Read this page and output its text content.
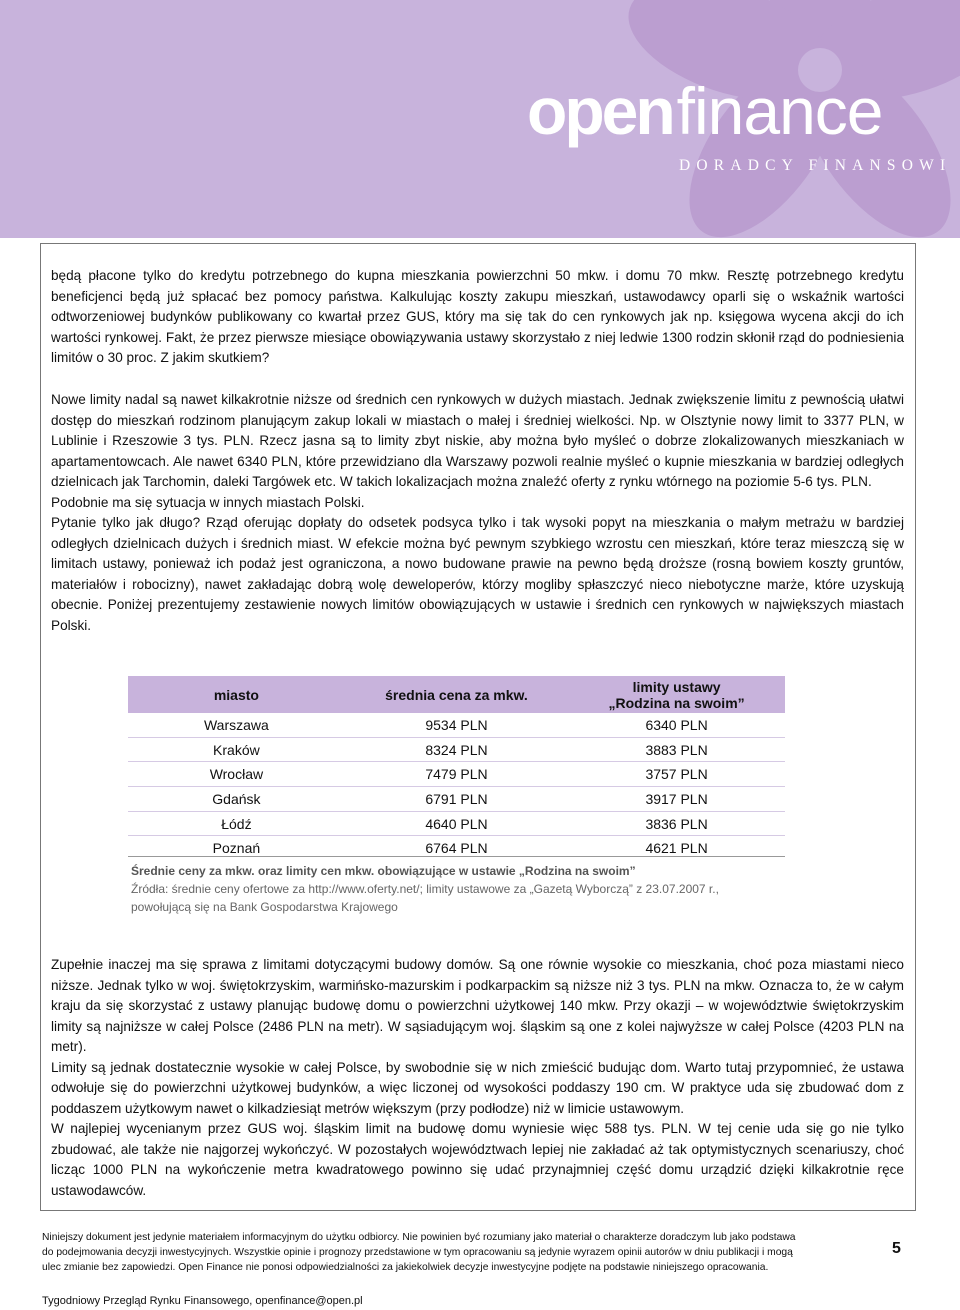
openfinance
DORADCY FINANSOWI
będą płacone tylko do kredytu potrzebnego do kupna mieszkania powierzchni 50 mkw. i domu 70 mkw. Resztę potrzebnego kredytu beneficjenci będą już spłacać bez pomocy państwa. Kalkulując koszty zakupu mieszkań, ustawodawcy oparli się o wskaźnik wartości odtworzeniowej budynków publikowany co kwartał przez GUS, który ma się tak do cen rynkowych jak np. księgowa wycena akcji do ich wartości rynkowej. Fakt, że przez pierwsze miesiące obowiązywania ustawy skorzystało z niej ledwie 1300 rodzin skłonił rząd do podniesienia limitów o 30 proc. Z jakim skutkiem?
Nowe limity nadal są nawet kilkakrotnie niższe od średnich cen rynkowych w dużych miastach. Jednak zwiększenie limitu z pewnością ułatwi dostęp do mieszkań rodzinom planującym zakup lokali w miastach o małej i średniej wielkości. Np. w Olsztynie nowy limit to 3377 PLN, w Lublinie i Rzeszowie 3 tys. PLN. Rzecz jasna są to limity zbyt niskie, aby można było myśleć o dobrze zlokalizowanych mieszkaniach w apartamentowcach. Ale nawet 6340 PLN, które przewidziano dla Warszawy pozwoli realnie myśleć o kupnie mieszkania w bardziej odległych dzielnicach jak Tarchomin, daleki Targówek etc. W takich lokalizacjach można znaleźć oferty z rynku wtórnego na poziomie 5-6 tys. PLN.
Podobnie ma się sytuacja w innych miastach Polski.
Pytanie tylko jak długo? Rząd oferując dopłaty do odsetek podsyca tylko i tak wysoki popyt na mieszkania o małym metrażu w bardziej odległych dzielnicach dużych i średnich miast. W efekcie można być pewnym szybkiego wzrostu cen mieszkań, które teraz mieszczą się w limitach ustawy, ponieważ ich podaż jest ograniczona, a nowo budowane prawie na pewno będą droższe (rosną bowiem koszty gruntów, materiałów i robocizny), nawet zakładając dobrą wolę deweloperów, którzy mogliby spłaszczyć nieco niebotyczne marże, które uzyskują obecnie. Poniżej prezentujemy zestawienie nowych limitów obowiązujących w ustawie i średnich cen rynkowych w największych miastach Polski.
miasto	średnia cena za mkw.	limity ustawy
„Rodzina na swoim”

Warszawa	9534 PLN	6340 PLN
Kraków	8324 PLN	3883 PLN
Wrocław	7479 PLN	3757 PLN
Gdańsk	6791 PLN	3917 PLN
Łódź	4640 PLN	3836 PLN
Poznań	6764 PLN	4621 PLN
Średnie ceny za mkw. oraz limity cen mkw. obowiązujące w ustawie „Rodzina na swoim”
Źródła: średnie ceny ofertowe za http://www.oferty.net/; limity ustawowe za „Gazetą Wyborczą” z 23.07.2007 r.,
powołującą się na Bank Gospodarstwa Krajowego
Zupełnie inaczej ma się sprawa z limitami dotyczącymi budowy domów. Są one równie wysokie co mieszkania, choć poza miastami nieco niższe. Jednak tylko w woj. świętokrzyskim, warmińsko-mazurskim i podkarpackim są niższe niż 3 tys. PLN na mkw. Oznacza to, że w całym kraju da się skorzystać z ustawy planując budowę domu o powierzchni użytkowej 140 mkw. Przy okazji – w województwie świętokrzyskim limity są najniższe w całej Polsce (2486 PLN na metr). W sąsiadującym woj. śląskim są one z kolei najwyższe w całej Polsce (4203 PLN na metr).
Limity są jednak dostatecznie wysokie w całej Polsce, by swobodnie się w nich zmieścić budując dom. Warto tutaj przypomnieć, że ustawa odwołuje się do powierzchni użytkowej budynków, a więc liczonej od wysokości poddaszy 190 cm. W praktyce uda się zbudować dom z poddaszem użytkowym nawet o kilkadziesiąt metrów większym (przy podłodze) niż w limicie ustawowym.
W najlepiej wycenianym przez GUS woj. śląskim limit na budowę domu wyniesie więc 588 tys. PLN. W tej cenie uda się go nie tylko zbudować, ale także nie najgorzej wykończyć. W pozostałych województwach lepiej nie zakładać aż tak optymistycznych scenariuszy, choć licząc 1000 PLN na wykończenie metra kwadratowego powinno się udać przynajmniej część domu urządzić dzięki kilkakrotnie ręce ustawodawców.
Niniejszy dokument jest jedynie materiałem informacyjnym do użytku odbiorcy. Nie powinien być rozumiany jako materiał o charakterze doradczym lub jako podstawa
do podejmowania decyzji inwestycyjnych. Wszystkie opinie i prognozy przedstawione w tym opracowaniu są jedynie wyrazem opinii autorów w dniu publikacji i mogą
ulec zmianie bez zapowiedzi. Open Finance nie ponosi odpowiedzialności za jakiekolwiek decyzje inwestycyjne podjęte na podstawie niniejszego opracowania.
5
Tygodniowy Przegląd Rynku Finansowego, openfinance@open.pl
